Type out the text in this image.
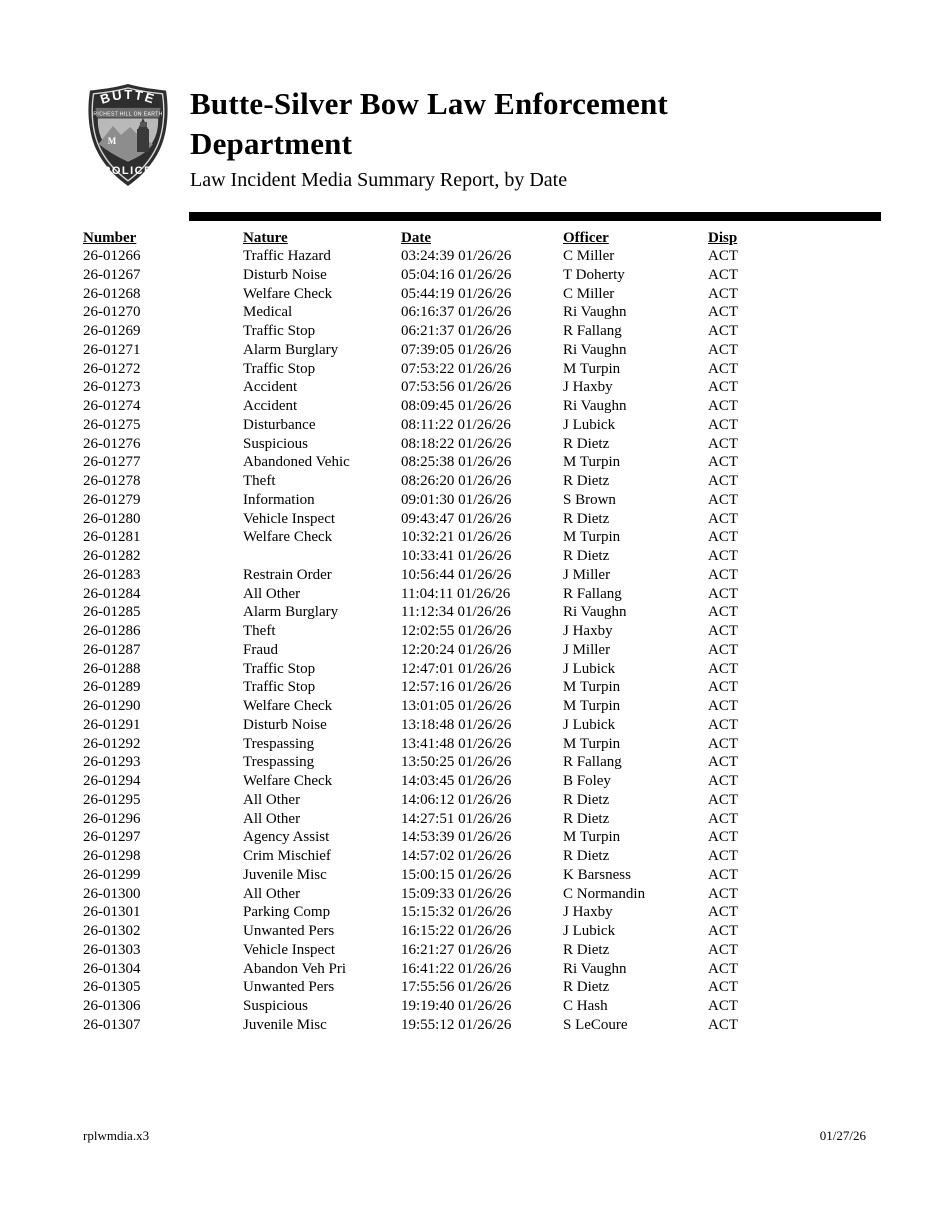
BUTTE
RICHEST HILL ON EARTH
M
POLICE
Butte-Silver Bow Law Enforcement
Department
Law Incident Media Summary Report, by Date
Number	Nature	Date	Officer	Disp
26-01266	Traffic Hazard	03:24:39 01/26/26	C Miller	ACT
26-01267	Disturb Noise	05:04:16 01/26/26	T Doherty	ACT
26-01268	Welfare Check	05:44:19 01/26/26	C Miller	ACT
26-01270	Medical	06:16:37 01/26/26	Ri Vaughn	ACT
26-01269	Traffic Stop	06:21:37 01/26/26	R Fallang	ACT
26-01271	Alarm Burglary	07:39:05 01/26/26	Ri Vaughn	ACT
26-01272	Traffic Stop	07:53:22 01/26/26	M Turpin	ACT
26-01273	Accident	07:53:56 01/26/26	J Haxby	ACT
26-01274	Accident	08:09:45 01/26/26	Ri Vaughn	ACT
26-01275	Disturbance	08:11:22 01/26/26	J Lubick	ACT
26-01276	Suspicious	08:18:22 01/26/26	R Dietz	ACT
26-01277	Abandoned Vehic	08:25:38 01/26/26	M Turpin	ACT
26-01278	Theft	08:26:20 01/26/26	R Dietz	ACT
26-01279	Information	09:01:30 01/26/26	S Brown	ACT
26-01280	Vehicle Inspect	09:43:47 01/26/26	R Dietz	ACT
26-01281	Welfare Check	10:32:21 01/26/26	M Turpin	ACT
26-01282		10:33:41 01/26/26	R Dietz	ACT
26-01283	Restrain Order	10:56:44 01/26/26	J Miller	ACT
26-01284	All Other	11:04:11 01/26/26	R Fallang	ACT
26-01285	Alarm Burglary	11:12:34 01/26/26	Ri Vaughn	ACT
26-01286	Theft	12:02:55 01/26/26	J Haxby	ACT
26-01287	Fraud	12:20:24 01/26/26	J Miller	ACT
26-01288	Traffic Stop	12:47:01 01/26/26	J Lubick	ACT
26-01289	Traffic Stop	12:57:16 01/26/26	M Turpin	ACT
26-01290	Welfare Check	13:01:05 01/26/26	M Turpin	ACT
26-01291	Disturb Noise	13:18:48 01/26/26	J Lubick	ACT
26-01292	Trespassing	13:41:48 01/26/26	M Turpin	ACT
26-01293	Trespassing	13:50:25 01/26/26	R Fallang	ACT
26-01294	Welfare Check	14:03:45 01/26/26	B Foley	ACT
26-01295	All Other	14:06:12 01/26/26	R Dietz	ACT
26-01296	All Other	14:27:51 01/26/26	R Dietz	ACT
26-01297	Agency Assist	14:53:39 01/26/26	M Turpin	ACT
26-01298	Crim Mischief	14:57:02 01/26/26	R Dietz	ACT
26-01299	Juvenile Misc	15:00:15 01/26/26	K Barsness	ACT
26-01300	All Other	15:09:33 01/26/26	C Normandin	ACT
26-01301	Parking Comp	15:15:32 01/26/26	J Haxby	ACT
26-01302	Unwanted Pers	16:15:22 01/26/26	J Lubick	ACT
26-01303	Vehicle Inspect	16:21:27 01/26/26	R Dietz	ACT
26-01304	Abandon Veh Pri	16:41:22 01/26/26	Ri Vaughn	ACT
26-01305	Unwanted Pers	17:55:56 01/26/26	R Dietz	ACT
26-01306	Suspicious	19:19:40 01/26/26	C Hash	ACT
26-01307	Juvenile Misc	19:55:12 01/26/26	S LeCoure	ACT
rplwmdia.x3	01/27/26
